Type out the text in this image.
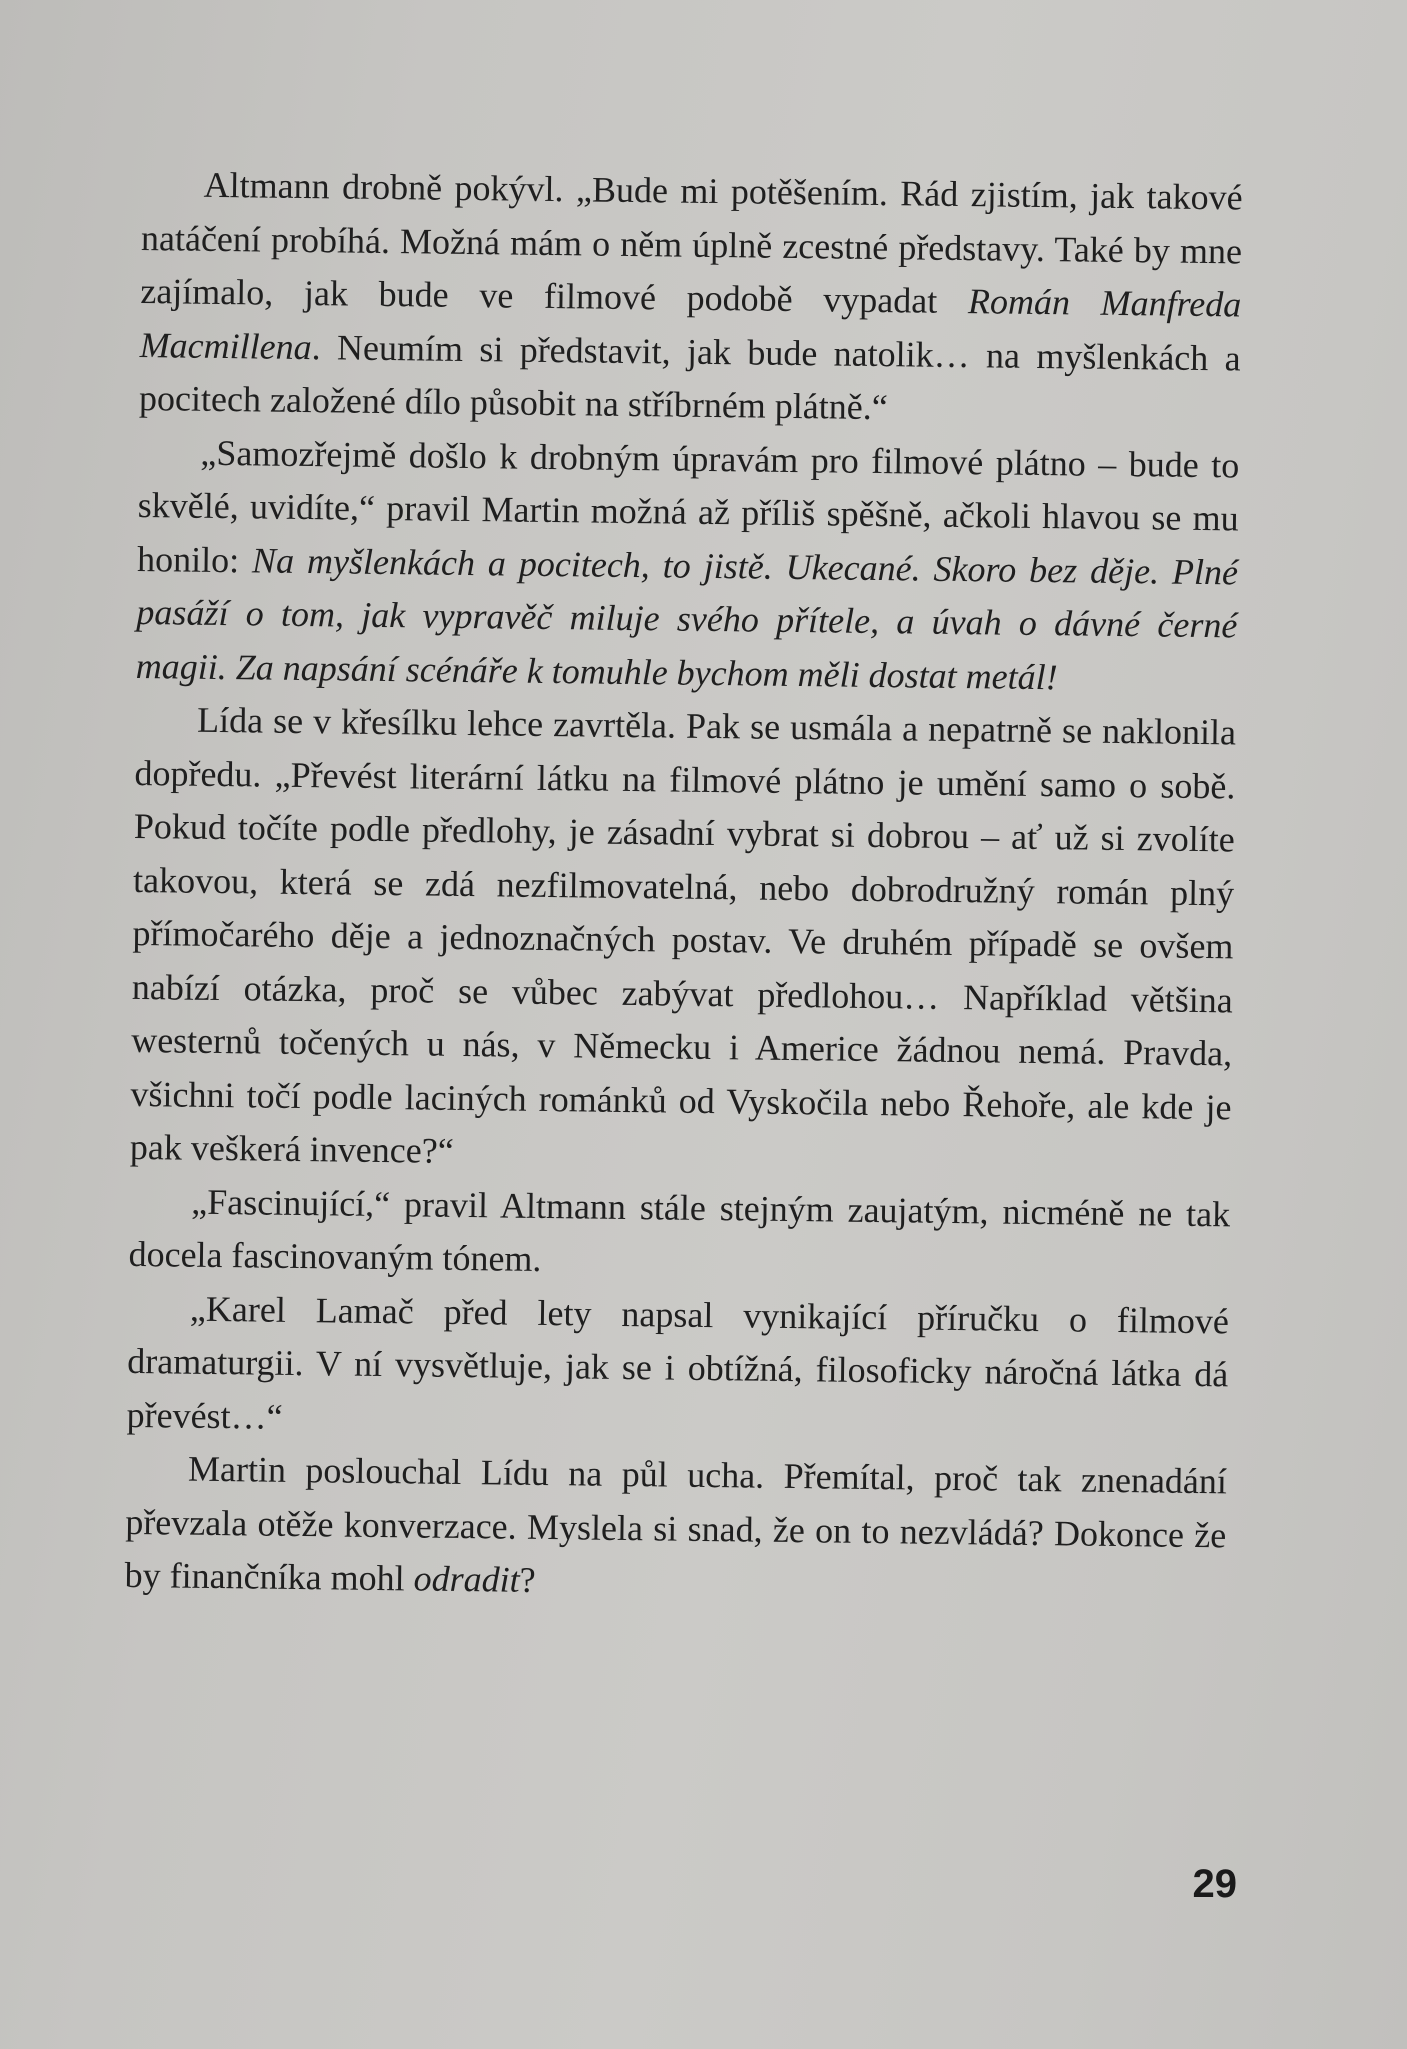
Altmann drobně pokývl. „Bude mi potěšením. Rád zjistím, jak takové natáčení probíhá. Možná mám o něm úplně zcestné představy. Také by mne zajímalo, jak bude ve filmové podobě vypadat Román Manfreda Macmillena. Neumím si představit, jak bude natolik… na myšlenkách a pocitech založené dílo působit na stříbrném plátně.“

„Samozřejmě došlo k drobným úpravám pro filmové plátno – bude to skvělé, uvidíte,“ pravil Martin možná až příliš spěšně, ačkoli hlavou se mu honilo: Na myšlenkách a pocitech, to jistě. Ukecané. Skoro bez děje. Plné pasáží o tom, jak vypravěč miluje svého přítele, a úvah o dávné černé magii. Za napsání scénáře k tomuhle bychom měli dostat metál!

Lída se v křesílku lehce zavrtěla. Pak se usmála a nepatrně se naklonila dopředu. „Převést literární látku na filmové plátno je umění samo o sobě. Pokud točíte podle předlohy, je zásadní vybrat si dobrou – ať už si zvolíte takovou, která se zdá nezfilmovatelná, nebo dobrodružný román plný přímočarého děje a jednoznačných postav. Ve druhém případě se ovšem nabízí otázka, proč se vůbec zabývat předlohou… Například většina westernů točených u nás, v Německu i Americe žádnou nemá. Pravda, všichni točí podle laciných románků od Vyskočila nebo Řehoře, ale kde je pak veškerá invence?“

„Fascinující,“ pravil Altmann stále stejným zaujatým, nicméně ne tak docela fascinovaným tónem.

„Karel Lamač před lety napsal vynikající příručku o filmové dramaturgii. V ní vysvětluje, jak se i obtížná, filosoficky náročná látka dá převést…“

Martin poslouchal Lídu na půl ucha. Přemítal, proč tak znenadání převzala otěže konverzace. Myslela si snad, že on to nezvládá? Dokonce že by finančníka mohl odradit?

29
